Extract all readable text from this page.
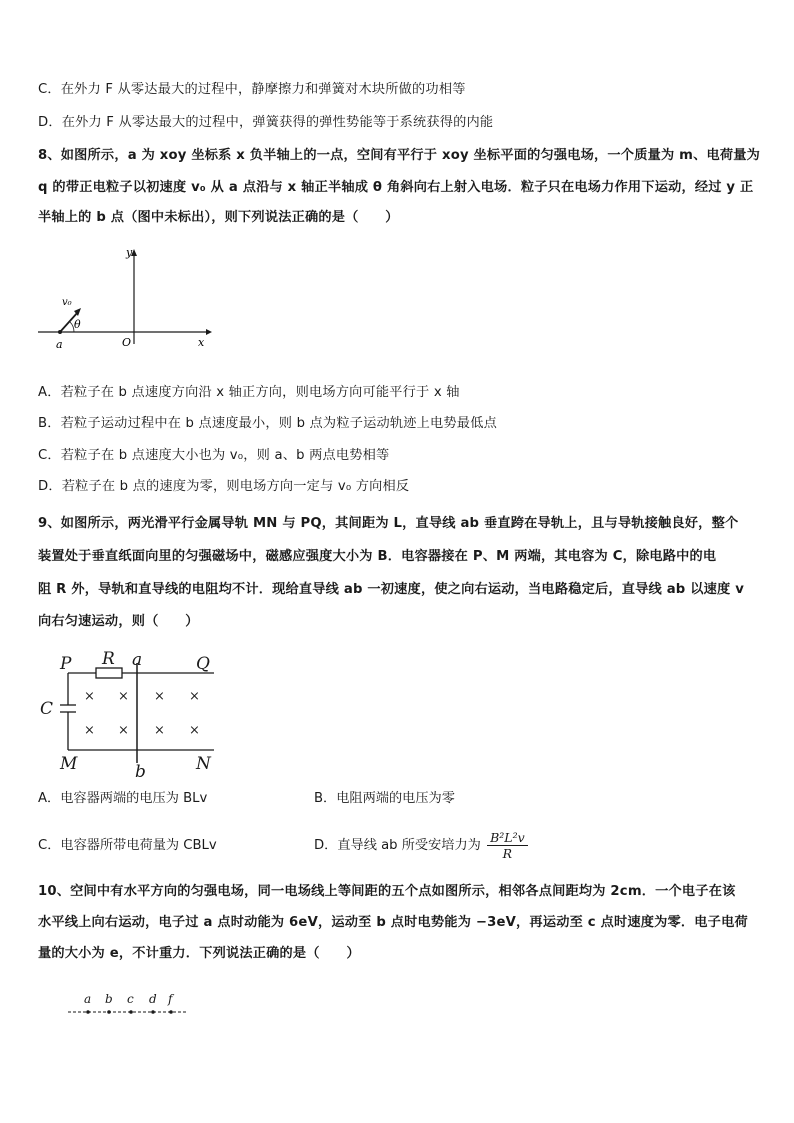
C．在外力 F 从零达最大的过程中，静摩擦力和弹簧对木块所做的功相等
D．在外力 F 从零达最大的过程中，弹簧获得的弹性势能等于系统获得的内能
8、如图所示，a 为 xoy 坐标系 x 负半轴上的一点，空间有平行于 xoy 坐标平面的匀强电场，一个质量为 m、电荷量为
q 的带正电粒子以初速度 v₀ 从 a 点沿与 x 轴正半轴成 θ 角斜向右上射入电场．粒子只在电场力作用下运动，经过 y 正
半轴上的 b 点（图中未标出），则下列说法正确的是（　　）
y
x
O
a
v₀
θ
A．若粒子在 b 点速度方向沿 x 轴正方向，则电场方向可能平行于 x 轴
B．若粒子运动过程中在 b 点速度最小，则 b 点为粒子运动轨迹上电势最低点
C．若粒子在 b 点速度大小也为 v₀，则 a、b 两点电势相等
D．若粒子在 b 点的速度为零，则电场方向一定与 v₀ 方向相反
9、如图所示，两光滑平行金属导轨 MN 与 PQ，其间距为 L，直导线 ab 垂直跨在导轨上，且与导轨接触良好，整个
装置处于垂直纸面向里的匀强磁场中，磁感应强度大小为 B．电容器接在 P、M 两端，其电容为 C，除电路中的电
阻 R 外，导轨和直导线的电阻均不计．现给直导线 ab 一初速度，使之向右运动，当电路稳定后，直导线 ab 以速度 v
向右匀速运动，则（　　）
× × × ×
× × × ×
P R a	Q
C
M	b	N
A．电容器两端的电压为 BLv	B．电阻两端的电压为零
C．电容器所带电荷量为 CBLv	D．直导线 ab 所受安培力为 $\frac{\text{B²L²v}}{R}$
10、空间中有水平方向的匀强电场，同一电场线上等间距的五个点如图所示，相邻各点间距均为 2cm．一个电子在该
水平线上向右运动，电子过 a 点时动能为 6eV，运动至 b 点时电势能为 −3eV，再运动至 c 点时速度为零．电子电荷
量的大小为 e，不计重力．下列说法正确的是（　　）
a b c d f
